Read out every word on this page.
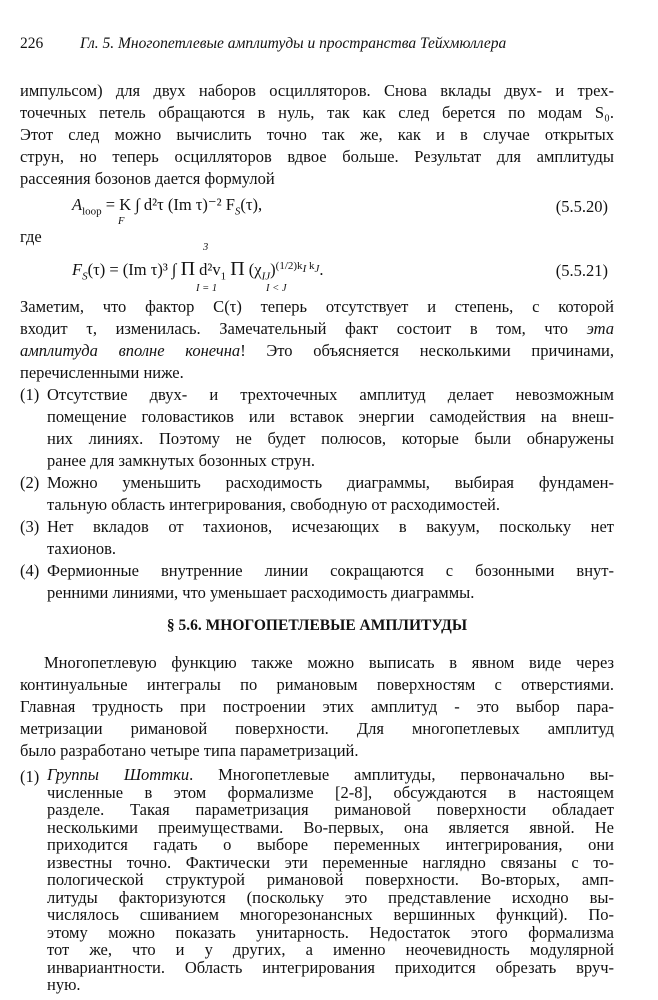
226 Гл. 5. Многопетлевые амплитуды и пространства Тейхмюллера
импульсом) для двух наборов осцилляторов. Снова вклады двух- и трех-
точечных петель обращаются в нуль, так как след берется по модам S₀.
Этот след можно вычислить точно так же, как и в случае открытых
струн, но теперь осцилляторов вдвое больше. Результат для амплитуды
рассеяния бозонов дается формулой
$A_{loop} = K$ ∫ d²τ (Im τ)⁻² $F_S(\tau)$,
F
(5.5.20)
где
$F_S(\tau) = (Im$ τ)³ ∫ Π $d^2v_1$ Π $(\chi_{IJ})^{(1/2)k_I k_J}$.
3
I = 1	I < J
(5.5.21)
Заметим, что фактор C(τ) теперь отсутствует и степень, с которой
входит τ, изменилась. Замечательный факт состоит в том, что эта
амплитуда вполне конечна! Это объясняется несколькими причинами,
перечисленными ниже.
(1) Отсутствие двух- и трехточечных амплитуд делает невозможным
помещение головастиков или вставок энергии самодействия на внеш-
них линиях. Поэтому не будет полюсов, которые были обнаружены
ранее для замкнутых бозонных струн.
(2) Можно уменьшить расходимость диаграммы, выбирая фундамен-
тальную область интегрирования, свободную от расходимостей.
(3) Нет вкладов от тахионов, исчезающих в вакуум, поскольку нет
тахионов.
(4) Фермионные внутренние линии сокращаются с бозонными внут-
ренними линиями, что уменьшает расходимость диаграммы.
§ 5.6. МНОГОПЕТЛЕВЫЕ АМПЛИТУДЫ
Многопетлевую функцию также можно выписать в явном виде через
континуальные интегралы по римановым поверхностям с отверстиями.
Главная трудность при построении этих амплитуд - это выбор пара-
метризации римановой поверхности. Для многопетлевых амплитуд
было разработано четыре типа параметризаций.
(1) Группы Шоттки. Многопетлевые амплитуды, первоначально вы-
численные в этом формализме [2-8], обсуждаются в настоящем
разделе. Такая параметризация римановой поверхности обладает
несколькими преимуществами. Во-первых, она является явной. Не
приходится гадать о выборе переменных интегрирования, они
известны точно. Фактически эти переменные наглядно связаны с то-
пологической структурой римановой поверхности. Во-вторых, амп-
литуды факторизуются (поскольку это представление исходно вы-
числялось сшиванием многорезонансных вершинных функций). По-
этому можно показать унитарность. Недостаток этого формализма
тот же, что и у других, а именно неочевидность модулярной
инвариантности. Область интегрирования приходится обрезать вруч-
ную.
